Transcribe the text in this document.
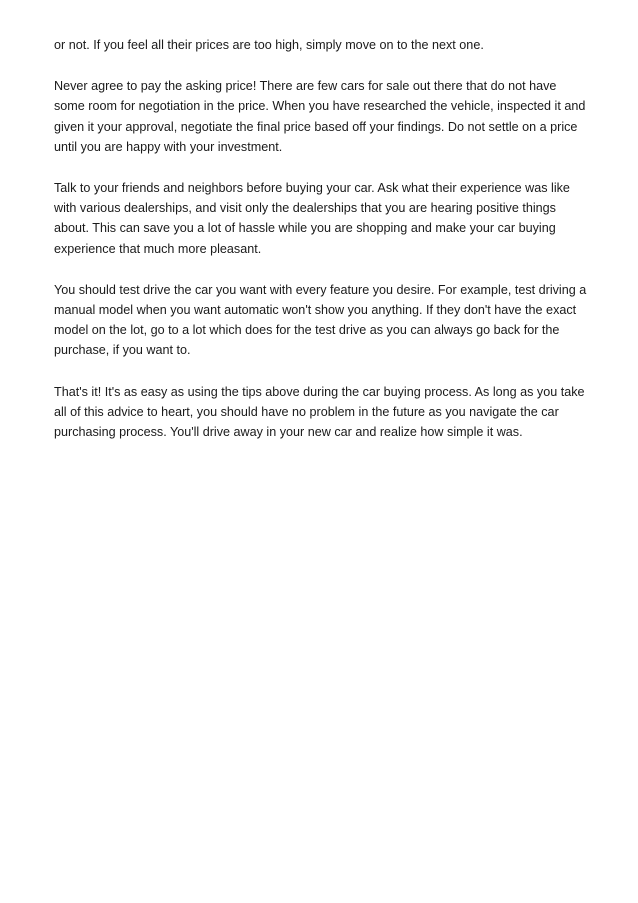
or not. If you feel all their prices are too high, simply move on to the next one.

Never agree to pay the asking price! There are few cars for sale out there that do not have some room for negotiation in the price. When you have researched the vehicle, inspected it and given it your approval, negotiate the final price based off your findings. Do not settle on a price until you are happy with your investment.

Talk to your friends and neighbors before buying your car. Ask what their experience was like with various dealerships, and visit only the dealerships that you are hearing positive things about. This can save you a lot of hassle while you are shopping and make your car buying experience that much more pleasant.

You should test drive the car you want with every feature you desire. For example, test driving a manual model when you want automatic won't show you anything. If they don't have the exact model on the lot, go to a lot which does for the test drive as you can always go back for the purchase, if you want to.

That's it! It's as easy as using the tips above during the car buying process. As long as you take all of this advice to heart, you should have no problem in the future as you navigate the car purchasing process. You'll drive away in your new car and realize how simple it was.
